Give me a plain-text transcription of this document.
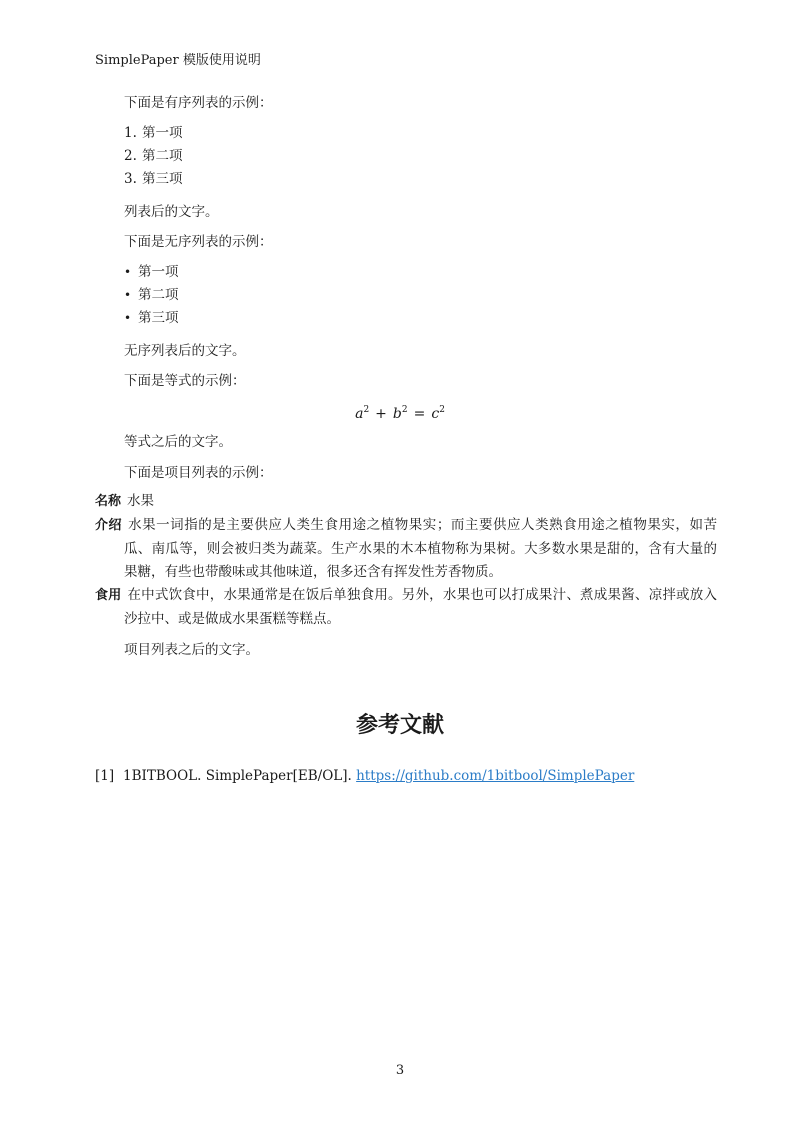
SimplePaper 模版使用说明
下面是有序列表的示例：
1. 第一项
2. 第二项
3. 第三项
列表后的文字。
下面是无序列表的示例：
• 第一项
• 第二项
• 第三项
无序列表后的文字。
下面是等式的示例：
$a^2 + b^2 = c^2$
等式之后的文字。
下面是项目列表的示例：
名称 水果
介绍 水果一词指的是主要供应人类生食用途之植物果实；而主要供应人类熟食用途之植物果实，如苦瓜、南瓜等，则会被归类为蔬菜。生产水果的木本植物称为果树。大多数水果是甜的，含有大量的果糖，有些也带酸味或其他味道，很多还含有挥发性芳香物质。
食用 在中式饮食中，水果通常是在饭后单独食用。另外，水果也可以打成果汁、煮成果酱、凉拌或放入沙拉中、或是做成水果蛋糕等糕点。
项目列表之后的文字。
参考文献
[1] 1BITBOOL. SimplePaper[EB/OL]. https://github.com/1bitbool/SimplePaper
3
